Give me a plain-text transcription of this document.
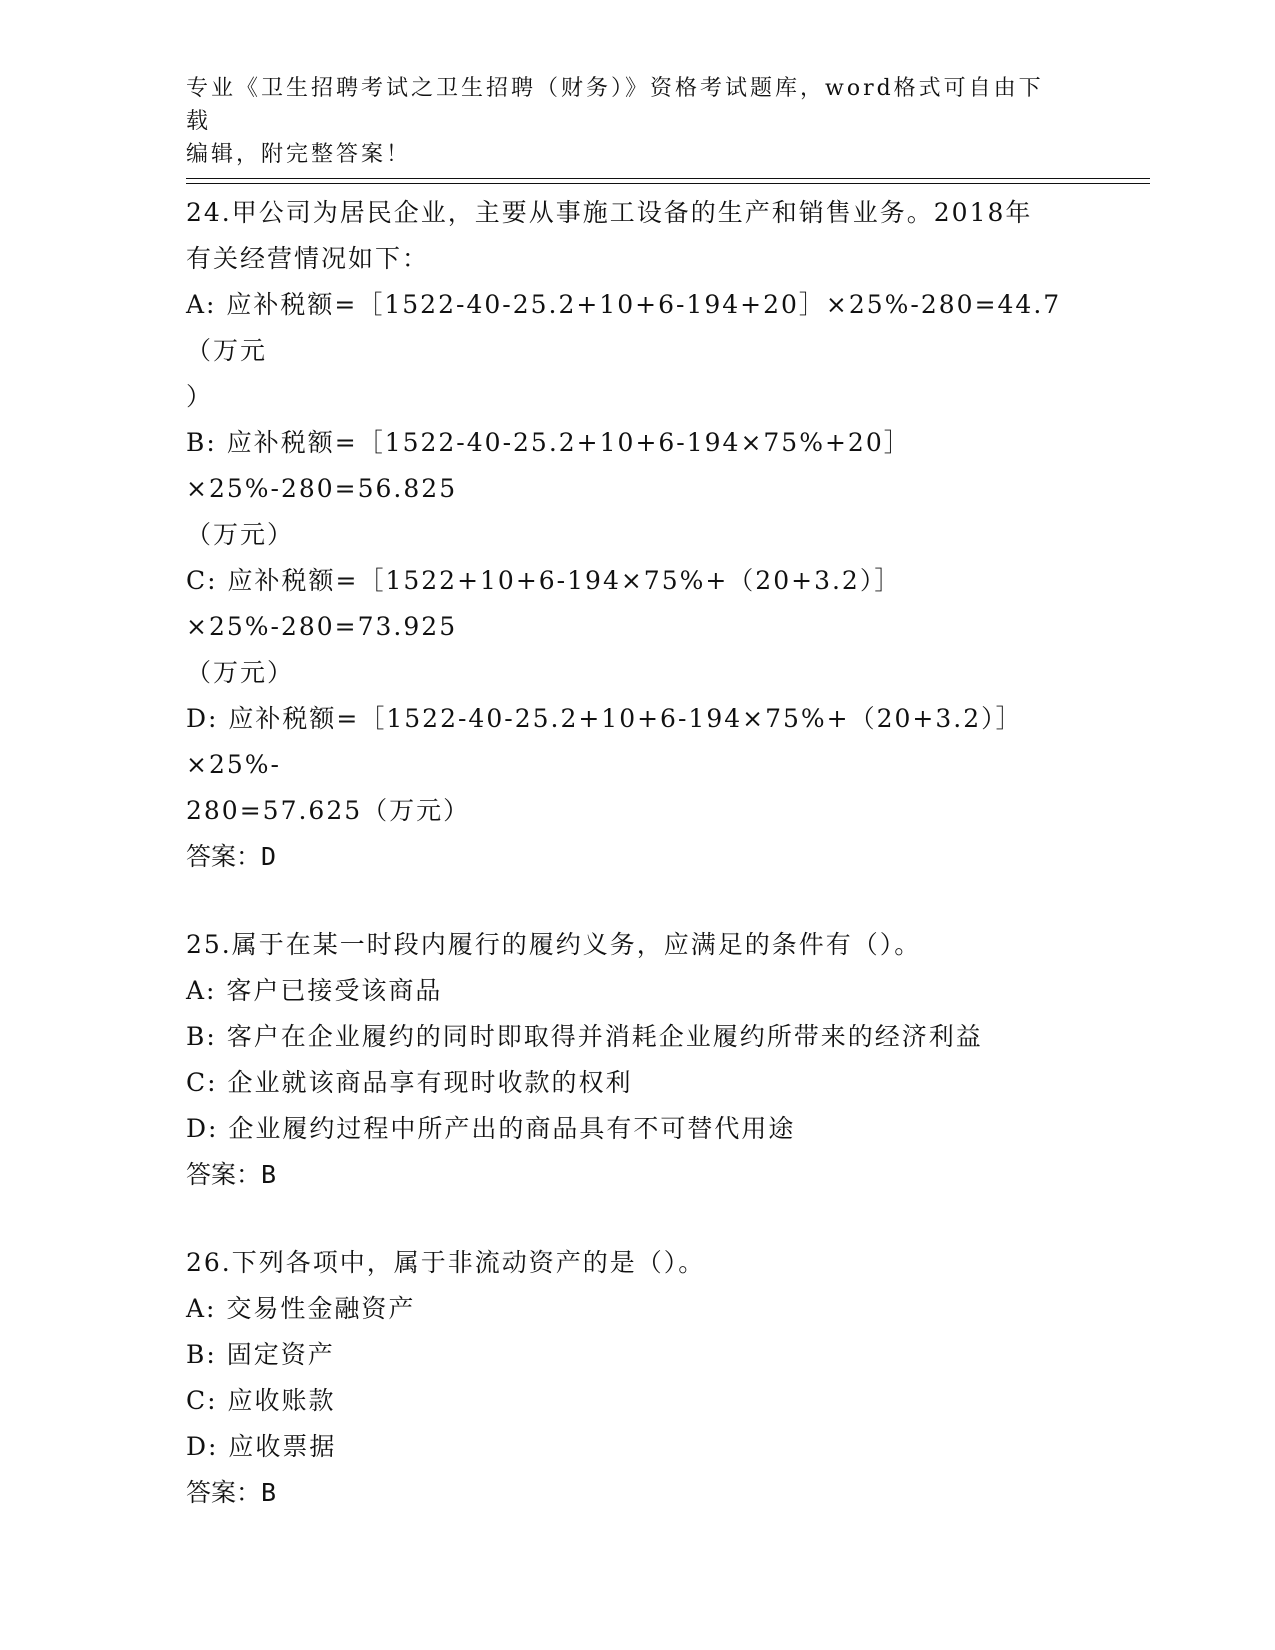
专业《卫生招聘考试之卫生招聘（财务）》资格考试题库，word格式可自由下载
编辑，附完整答案！
24.甲公司为居民企业，主要从事施工设备的生产和销售业务。2018年
有关经营情况如下：
A: 应补税额=［1522-40-25.2+10+6-194+20］×25%-280=44.7（万元
）
B: 应补税额=［1522-40-25.2+10+6-194×75%+20］×25%-280=56.825
（万元）
C: 应补税额=［1522+10+6-194×75%+（20+3.2）］×25%-280=73.925
（万元）
D: 应补税额=［1522-40-25.2+10+6-194×75%+（20+3.2）］×25%-
280=57.625（万元）
答案：D
25.属于在某一时段内履行的履约义务，应满足的条件有（）。
A: 客户已接受该商品
B: 客户在企业履约的同时即取得并消耗企业履约所带来的经济利益
C: 企业就该商品享有现时收款的权利
D: 企业履约过程中所产出的商品具有不可替代用途
答案：B
26.下列各项中，属于非流动资产的是（）。
A: 交易性金融资产
B: 固定资产
C: 应收账款
D: 应收票据
答案：B
